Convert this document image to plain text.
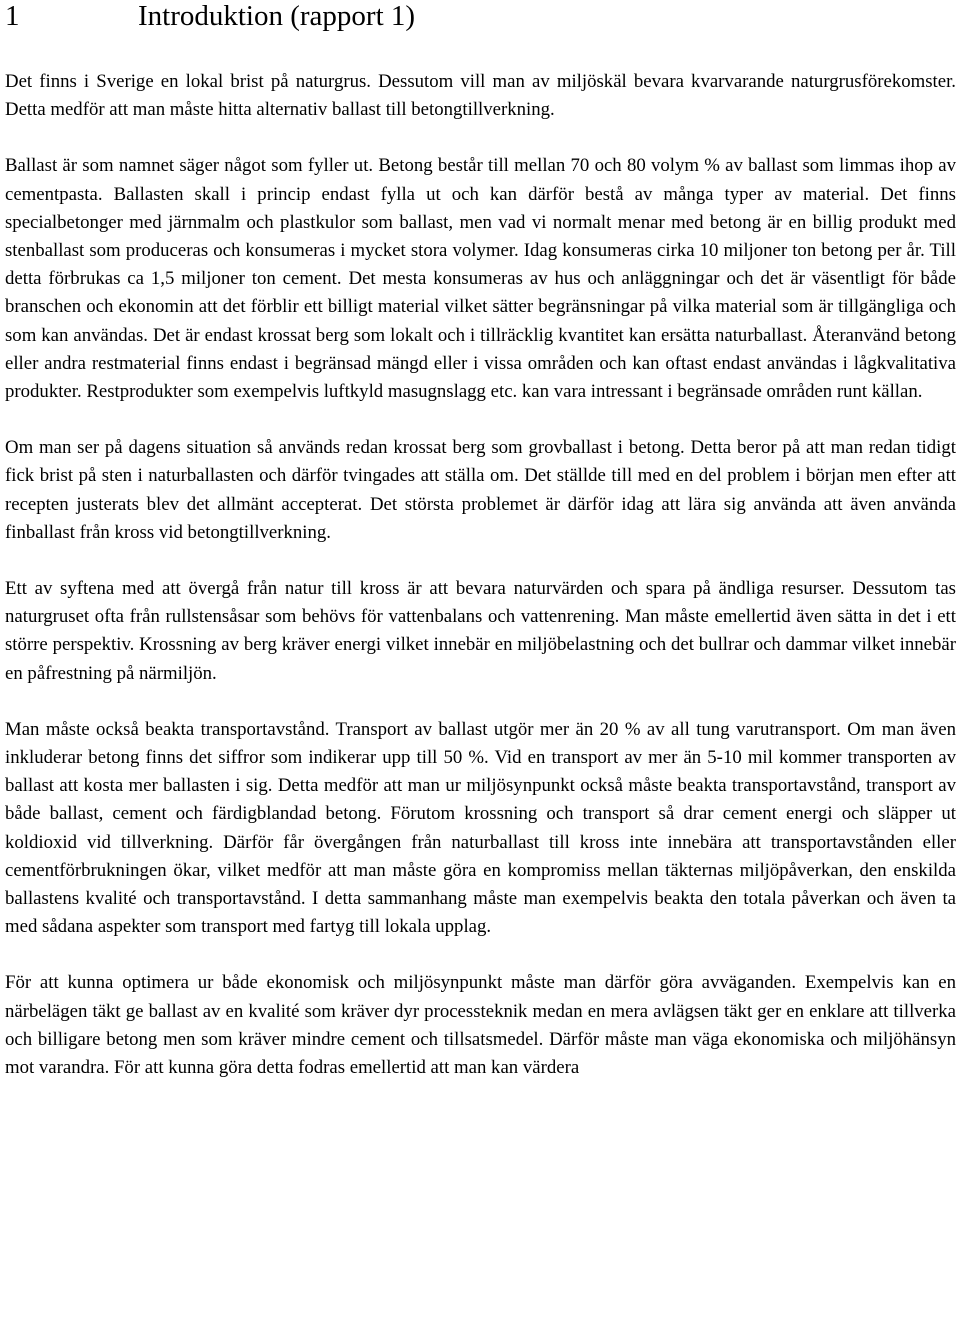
1	Introduktion (rapport 1)

Det finns i Sverige en lokal brist på naturgrus. Dessutom vill man av miljöskäl bevara kvarvarande naturgrusförekomster. Detta medför att man måste hitta alternativ ballast till betongtillverkning.

Ballast är som namnet säger något som fyller ut. Betong består till mellan 70 och 80 volym % av ballast som limmas ihop av cementpasta. Ballasten skall i princip endast fylla ut och kan därför bestå av många typer av material. Det finns specialbetonger med järnmalm och plastkulor som ballast, men vad vi normalt menar med betong är en billig produkt med stenballast som produceras och konsumeras i mycket stora volymer. Idag konsumeras cirka 10 miljoner ton betong per år. Till detta förbrukas ca 1,5 miljoner ton cement. Det mesta konsumeras av hus och anläggningar och det är väsentligt för både branschen och ekonomin att det förblir ett billigt material vilket sätter begränsningar på vilka material som är tillgängliga och som kan användas. Det är endast krossat berg som lokalt och i tillräcklig kvantitet kan ersätta naturballast. Återanvänd betong eller andra restmaterial finns endast i begränsad mängd eller i vissa områden och kan oftast endast användas i lågkvalitativa produkter. Restprodukter som exempelvis luftkyld masugnslagg etc. kan vara intressant i begränsade områden runt källan.

Om man ser på dagens situation så används redan krossat berg som grovballast i betong. Detta beror på att man redan tidigt fick brist på sten i naturballasten och därför tvingades att ställa om. Det ställde till med en del problem i början men efter att recepten justerats blev det allmänt accepterat. Det största problemet är därför idag att lära sig använda att även använda finballast från kross vid betongtillverkning.

Ett av syftena med att övergå från natur till kross är att bevara naturvärden och spara på ändliga resurser. Dessutom tas naturgruset ofta från rullstensåsar som behövs för vattenbalans och vattenrening. Man måste emellertid även sätta in det i ett större perspektiv. Krossning av berg kräver energi vilket innebär en miljöbelastning och det bullrar och dammar vilket innebär en påfrestning på närmiljön.

Man måste också beakta transportavstånd. Transport av ballast utgör mer än 20 % av all tung varutransport. Om man även inkluderar betong finns det siffror som indikerar upp till 50 %. Vid en transport av mer än 5-10 mil kommer transporten av ballast att kosta mer ballasten i sig. Detta medför att man ur miljösynpunkt också måste beakta transportavstånd, transport av både ballast, cement och färdigblandad betong. Förutom krossning och transport så drar cement energi och släpper ut koldioxid vid tillverkning. Därför får övergången från naturballast till kross inte innebära att transportavstånden eller cementförbrukningen ökar, vilket medför att man måste göra en kompromiss mellan täkternas miljöpåverkan, den enskilda ballastens kvalité och transportavstånd. I detta sammanhang måste man exempelvis beakta den totala påverkan och även ta med sådana aspekter som transport med fartyg till lokala upplag.

För att kunna optimera ur både ekonomisk och miljösynpunkt måste man därför göra avväganden. Exempelvis kan en närbelägen täkt ge ballast av en kvalité som kräver dyr processteknik medan en mera avlägsen täkt ger en enklare att tillverka och billigare betong men som kräver mindre cement och tillsatsmedel. Därför måste man väga ekonomiska och miljöhänsyn mot varandra. För att kunna göra detta fodras emellertid att man kan värdera
